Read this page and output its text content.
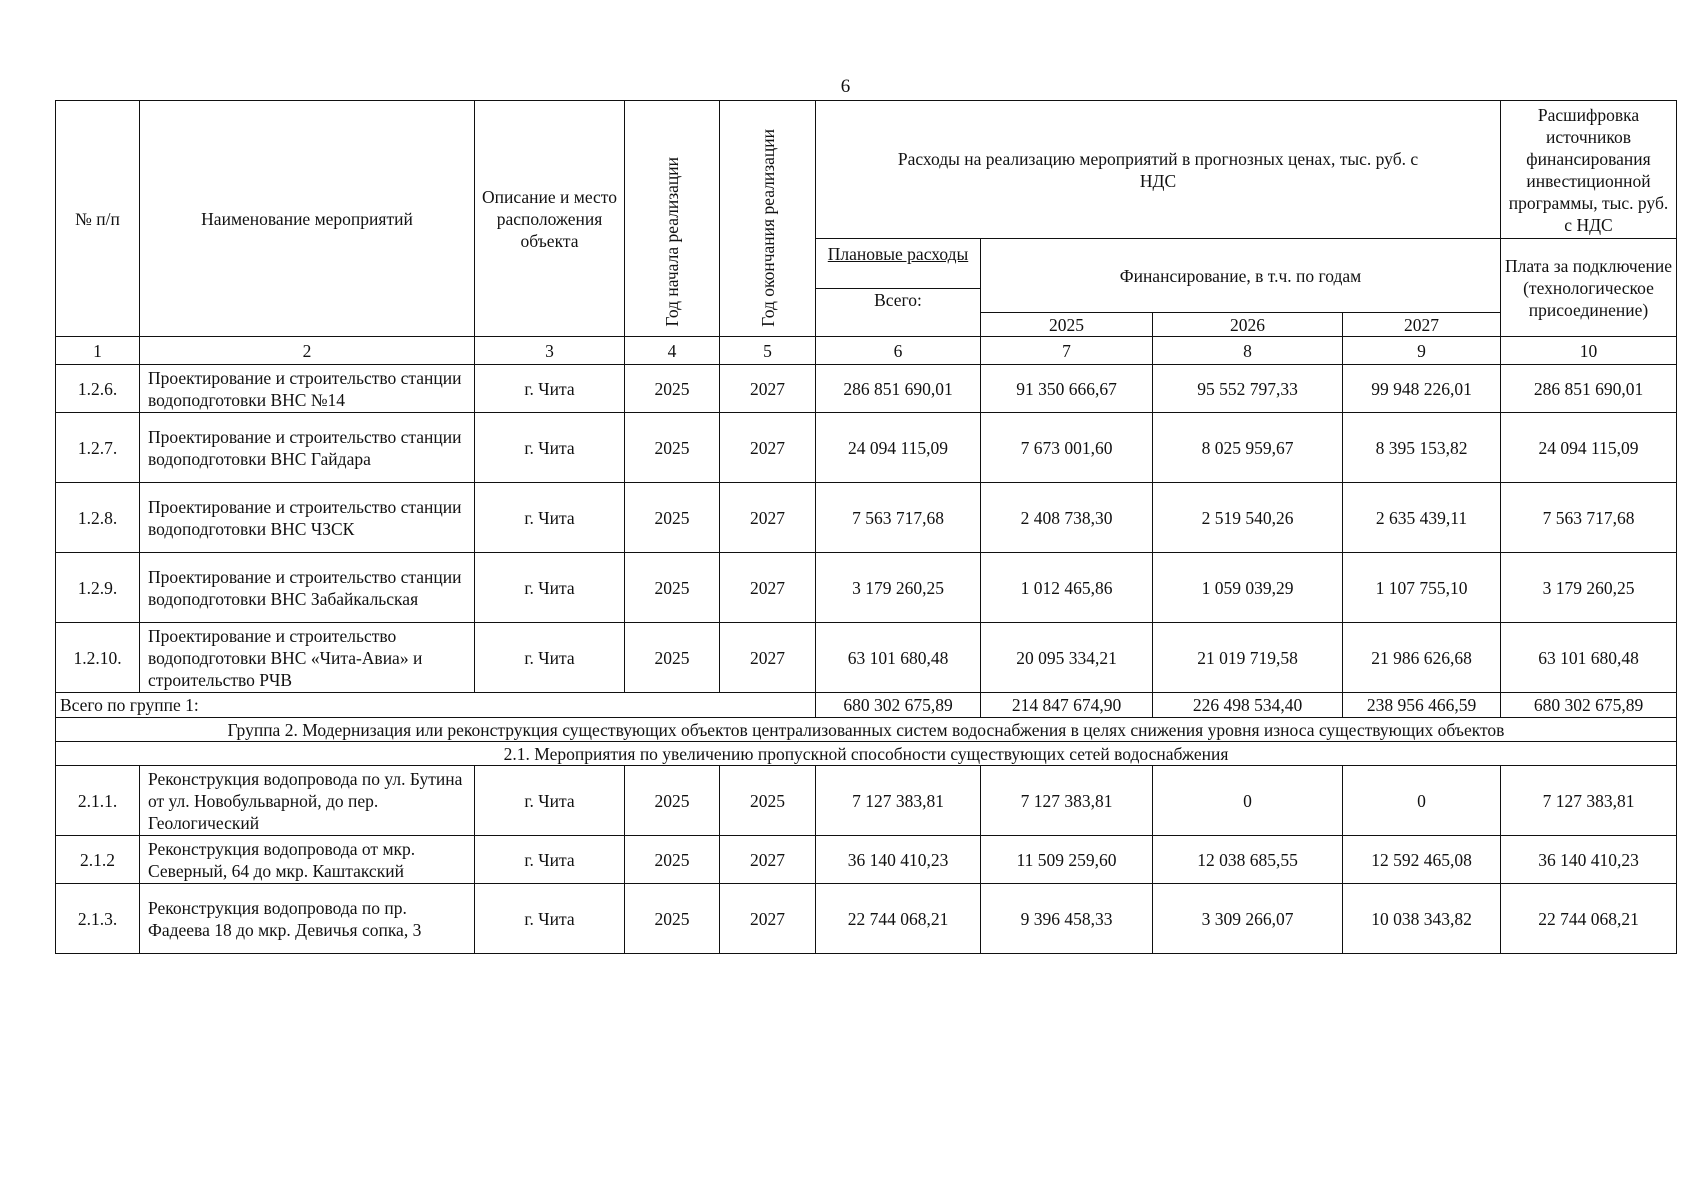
6
№ п/п	Наименование мероприятий	Описание и место расположения объекта	Год начала реализации	Год окончания реализации	Расходы на реализацию мероприятий в прогнозных ценах, тыс. руб. с НДС				Расшифровка источников финансирования инвестиционной программы, тыс. руб. с НДС
					Плановые расходы	Финансирование, в т.ч. по годам			Плата за подключение (технологическое присоединение)
					Всего:				
						2025	2026	2027	
1	2	3	4	5	6	7	8	9	10
1.2.6.	Проектирование и строительство станции водоподготовки ВНС №14	г. Чита	2025	2027	286 851 690,01	91 350 666,67	95 552 797,33	99 948 226,01	286 851 690,01
1.2.7.	Проектирование и строительство станции водоподготовки ВНС Гайдара	г. Чита	2025	2027	24 094 115,09	7 673 001,60	8 025 959,67	8 395 153,82	24 094 115,09
1.2.8.	Проектирование и строительство станции водоподготовки ВНС ЧЗСК	г. Чита	2025	2027	7 563 717,68	2 408 738,30	2 519 540,26	2 635 439,11	7 563 717,68
1.2.9.	Проектирование и строительство станции водоподготовки ВНС Забайкальская	г. Чита	2025	2027	3 179 260,25	1 012 465,86	1 059 039,29	1 107 755,10	3 179 260,25
1.2.10.	Проектирование и строительство водоподготовки ВНС «Чита-Авиа» и строительство РЧВ	г. Чита	2025	2027	63 101 680,48	20 095 334,21	21 019 719,58	21 986 626,68	63 101 680,48
Всего по группе 1:					680 302 675,89	214 847 674,90	226 498 534,40	238 956 466,59	680 302 675,89
Группа 2. Модернизация или реконструкция существующих объектов централизованных систем водоснабжения в целях снижения уровня износа существующих объектов									
2.1. Мероприятия по увеличению пропускной способности существующих сетей водоснабжения									
2.1.1.	Реконструкция водопровода по ул. Бутина от ул. Новобульварной, до пер. Геологический	г. Чита	2025	2025	7 127 383,81	7 127 383,81	0	0	7 127 383,81
2.1.2	Реконструкция водопровода от мкр. Северный, 64 до мкр. Каштакский	г. Чита	2025	2027	36 140 410,23	11 509 259,60	12 038 685,55	12 592 465,08	36 140 410,23
2.1.3.	Реконструкция водопровода по пр. Фадеева 18 до мкр. Девичья сопка, 3	г. Чита	2025	2027	22 744 068,21	9 396 458,33	3 309 266,07	10 038 343,82	22 744 068,21
